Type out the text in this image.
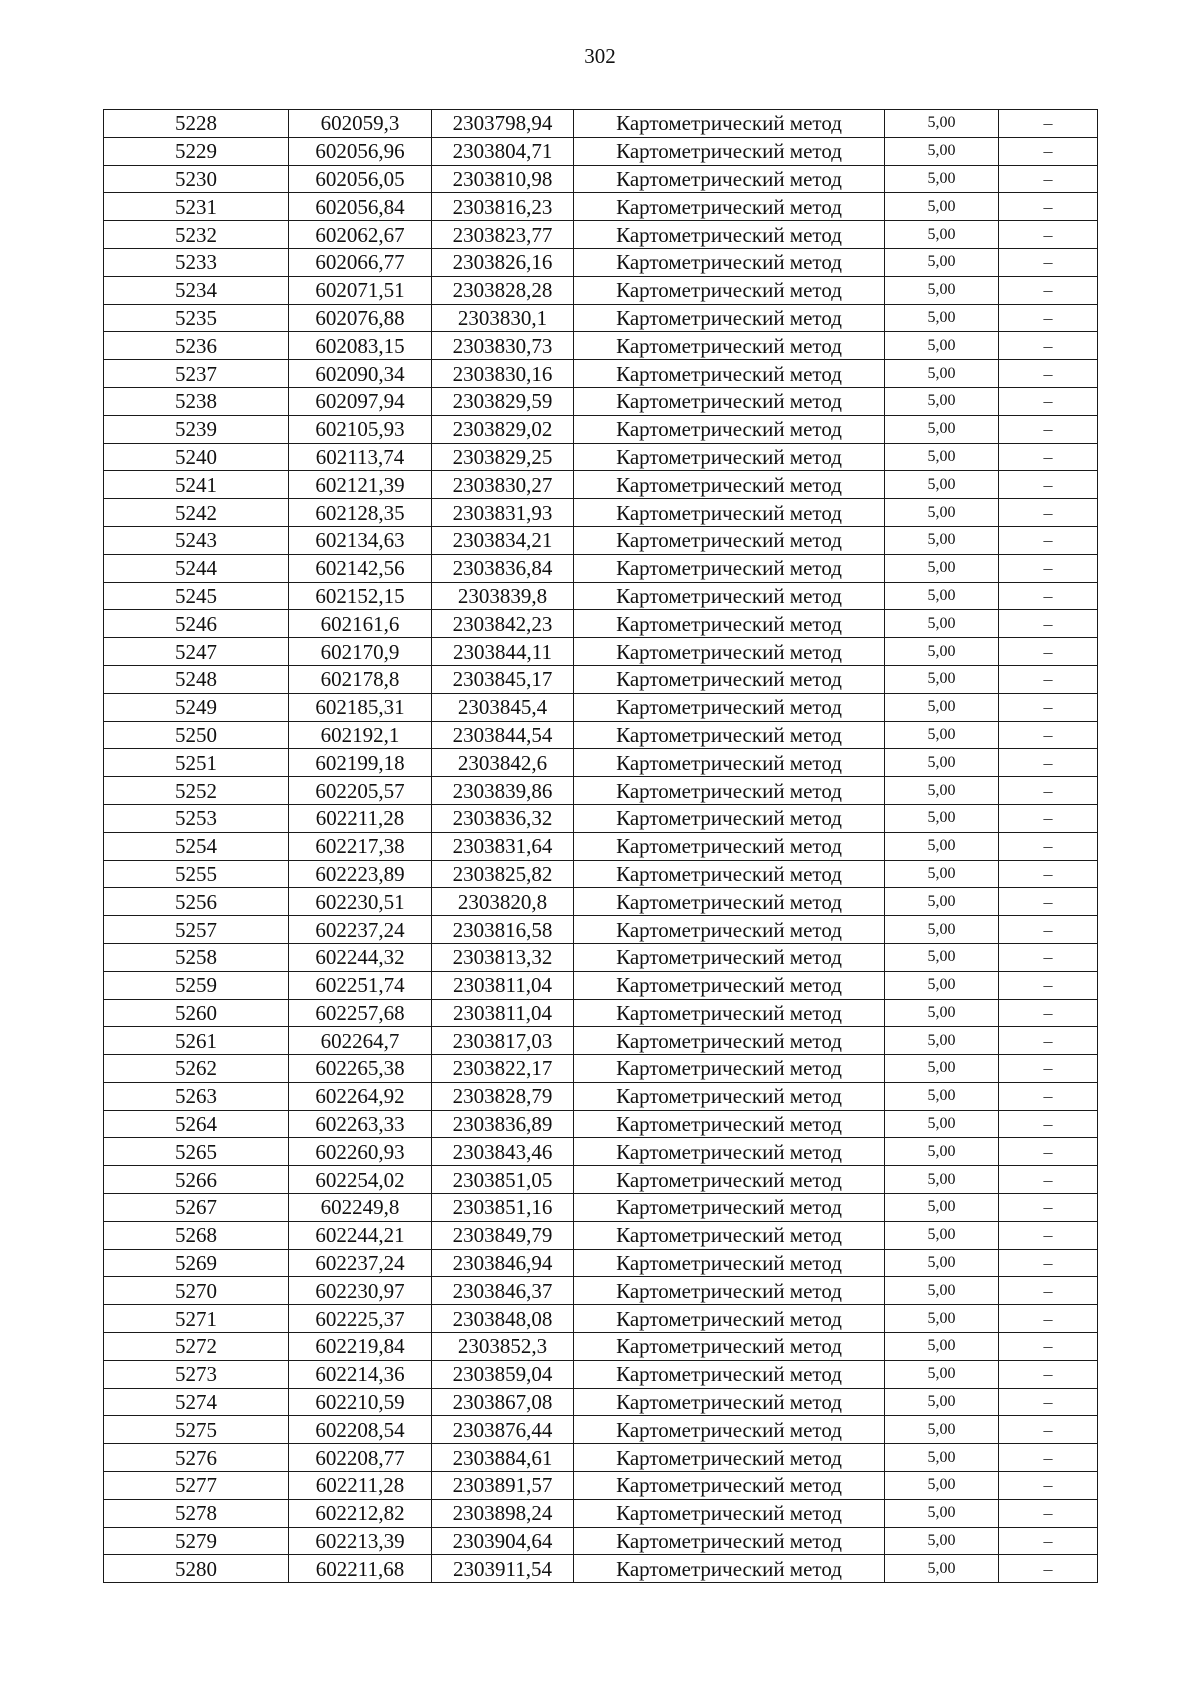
302
5228	602059,3	2303798,94	Картометрический метод	5,00	–
5229	602056,96	2303804,71	Картометрический метод	5,00	–
5230	602056,05	2303810,98	Картометрический метод	5,00	–
5231	602056,84	2303816,23	Картометрический метод	5,00	–
5232	602062,67	2303823,77	Картометрический метод	5,00	–
5233	602066,77	2303826,16	Картометрический метод	5,00	–
5234	602071,51	2303828,28	Картометрический метод	5,00	–
5235	602076,88	2303830,1	Картометрический метод	5,00	–
5236	602083,15	2303830,73	Картометрический метод	5,00	–
5237	602090,34	2303830,16	Картометрический метод	5,00	–
5238	602097,94	2303829,59	Картометрический метод	5,00	–
5239	602105,93	2303829,02	Картометрический метод	5,00	–
5240	602113,74	2303829,25	Картометрический метод	5,00	–
5241	602121,39	2303830,27	Картометрический метод	5,00	–
5242	602128,35	2303831,93	Картометрический метод	5,00	–
5243	602134,63	2303834,21	Картометрический метод	5,00	–
5244	602142,56	2303836,84	Картометрический метод	5,00	–
5245	602152,15	2303839,8	Картометрический метод	5,00	–
5246	602161,6	2303842,23	Картометрический метод	5,00	–
5247	602170,9	2303844,11	Картометрический метод	5,00	–
5248	602178,8	2303845,17	Картометрический метод	5,00	–
5249	602185,31	2303845,4	Картометрический метод	5,00	–
5250	602192,1	2303844,54	Картометрический метод	5,00	–
5251	602199,18	2303842,6	Картометрический метод	5,00	–
5252	602205,57	2303839,86	Картометрический метод	5,00	–
5253	602211,28	2303836,32	Картометрический метод	5,00	–
5254	602217,38	2303831,64	Картометрический метод	5,00	–
5255	602223,89	2303825,82	Картометрический метод	5,00	–
5256	602230,51	2303820,8	Картометрический метод	5,00	–
5257	602237,24	2303816,58	Картометрический метод	5,00	–
5258	602244,32	2303813,32	Картометрический метод	5,00	–
5259	602251,74	2303811,04	Картометрический метод	5,00	–
5260	602257,68	2303811,04	Картометрический метод	5,00	–
5261	602264,7	2303817,03	Картометрический метод	5,00	–
5262	602265,38	2303822,17	Картометрический метод	5,00	–
5263	602264,92	2303828,79	Картометрический метод	5,00	–
5264	602263,33	2303836,89	Картометрический метод	5,00	–
5265	602260,93	2303843,46	Картометрический метод	5,00	–
5266	602254,02	2303851,05	Картометрический метод	5,00	–
5267	602249,8	2303851,16	Картометрический метод	5,00	–
5268	602244,21	2303849,79	Картометрический метод	5,00	–
5269	602237,24	2303846,94	Картометрический метод	5,00	–
5270	602230,97	2303846,37	Картометрический метод	5,00	–
5271	602225,37	2303848,08	Картометрический метод	5,00	–
5272	602219,84	2303852,3	Картометрический метод	5,00	–
5273	602214,36	2303859,04	Картометрический метод	5,00	–
5274	602210,59	2303867,08	Картометрический метод	5,00	–
5275	602208,54	2303876,44	Картометрический метод	5,00	–
5276	602208,77	2303884,61	Картометрический метод	5,00	–
5277	602211,28	2303891,57	Картометрический метод	5,00	–
5278	602212,82	2303898,24	Картометрический метод	5,00	–
5279	602213,39	2303904,64	Картометрический метод	5,00	–
5280	602211,68	2303911,54	Картометрический метод	5,00	–
